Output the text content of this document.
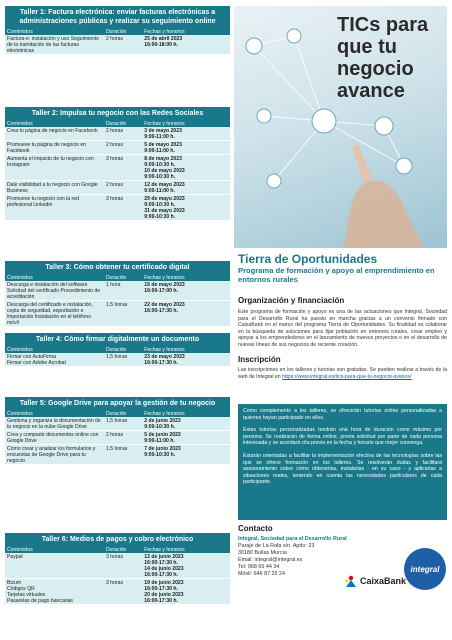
Taller 1: Factura electrónica: enviar facturas electrónicas a administraciones públicas y realizar su seguimiento online
Contenidos	Duración	Fechas y horarios
Factura-e: instalación y uso Seguimiento de la tramitación de las facturas electrónicas	2 horas	25 de abril 2023
16:00-18:00 h.
Taller 2: Impulsa tu negocio con las Redes Sociales
Contenidos	Duración	Fechas y horarios
Crea tu página de negocio en Facebook	2 horas	3 de mayo 2023
9:00-11:00 h.
Promueve tu página de negocio en Facebook	2 horas	5 de mayo 2023
9:00-11:00 h.
Aumenta el impacto de tu negocio con Instagram	3 horas	8 de mayo 2023
9:00-10:30 h.
10 de mayo 2023
9:00-10:30 h.
Dale visibilidad a tu negocio con Google Business	2 horas	12 de mayo 2023
9:00-11:00 h.
Promueve tu negocio con la red profesional Linkedin	3 horas	29 de mayo 2023
9:00-10:30 h.
31 de mayo 2023
9:00-10:30 h.
Taller 3: Cómo obtener tu certificado digital
Contenidos	Duración	Fechas y horarios
Descarga e instalación del software Solicitud del certificado Procedimiento de acreditación	1 hora	15 de mayo 2023
16:00-17:00 h.
Descarga del certificado e instalación, copia de seguridad, exportación e importación Instalación en el teléfono móvil	1,5 horas	22 de mayo 2023
16:00-17:30 h.
Taller 4: Cómo firmar digitalmente un documento
Contenidos	Duración	Fechas y horarios
Firmar con AutoFirma
Firmar con Adobe Acrobat	1,5 horas	23 de mayo 2023
16:00-17:30 h.
Taller 5: Google Drive para apoyar la gestión de tu negocio
Contenidos	Duración	Fechas y horarios
Gestiona y organiza la documentación de tu negocio en la nube Google Drive	1,5 horas	2 de junio 2023
9:00-10:30 h.
Crea y comparte documentos online con Google Drive	2 horas	5 de junio 2023
9:00-11:00 h.
Cómo crear y analizar los formularios y encuestas de Google Drive para tu negocio	1,5 horas	7 de junio 2023
9:00-10:30 h.
Taller 6: Medios de pagos y cobro electrónico
Contenidos	Duración	Fechas y horarios
Paypal	3 horas	12 de junio 2023
16:00-17:30 h.
14 de junio 2023
16:00-17:30 h.
Bizum
Códigos QR
Tarjetas virtuales
Pasarelas de pago bancarias	3 horas	19 de junio 2023
16:00-17:30 h.
20 de junio 2023
16:00-17:30 h.
TICs para que tu negocio avance
Tierra de Oportunidades
Programa de formación y apoyo al emprendimiento en entornos rurales
Organización y financiación
Este programa de formación y apoyo es una de las actuaciones que Integral, Sociedad para el Desarrollo Rural ha puesto en marcha gracias a un convenio firmado con CaixaBank en el marco del programa Tierra de Oportunidades. Su finalidad es colaborar en la búsqueda de soluciones para fijar población en entornos rurales, crear empleo y apoyar a los emprendedores en el lanzamiento de nuevos proyectos o en el desarrollo de nuevas líneas de sus negocios de reciente creación.
Inscripción
Las inscripciones en los talleres y tutorias son gratuitas. Se pueden realizar a través de la web de Integral en https://www.integral.es/tics-para-que-tu-negocio-avance/
Como complemento a los talleres, se ofrecerán tutorías online personalizadas a quienes hayan participado en ellos.
Estas tutorías personalizadas tendrán una hora de duración como máximo por persona. Se realizarán de forma online, previa solicitud por parte de cada persona interesada y se acordará cita previa en la fecha y horario que mejor convenga.
Estarán orientadas a facilitar la implementación efectiva de las tecnologías sobre las que se ofrece formación en los talleres. Se resolverán dudas y facilitará asesoramiento sobre cómo obtenerlas, instalarlas - en su caso - y aplicarlas a situaciones reales, teniendo en cuenta las necesidades particulares de cada participante.
Contacto
Integral, Sociedad para el Desarrollo Rural
Paraje de La Rafa s/n. Apdo: 23
30180 Bullas Murcia
Email: integral@integral.es
Tel: 968 65 44 34
Móvil: 646 87 25 24
CaixaBank
integral
